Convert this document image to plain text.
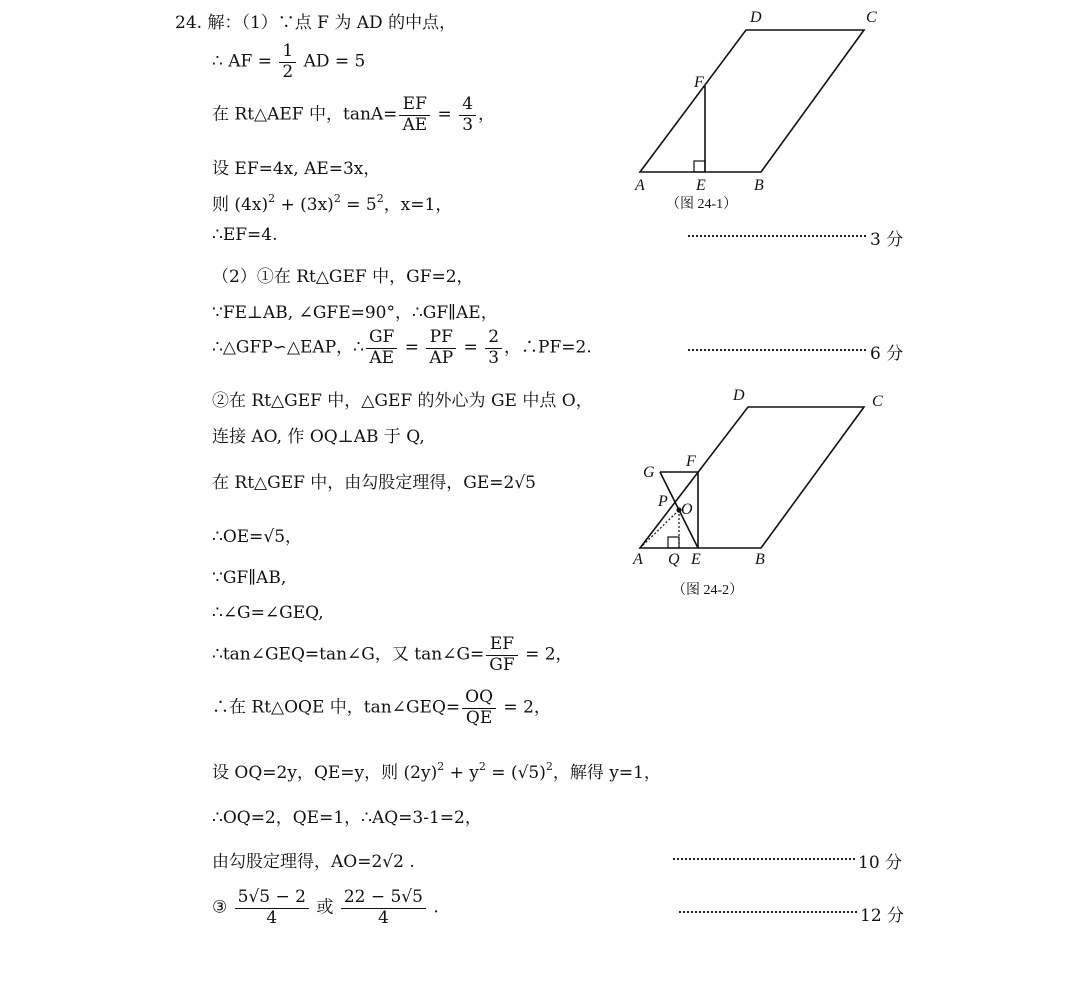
24. 解：（1）∵点 F 为 AD 的中点，
∴ AF = $\frac{1}{2}$ AD = 5
在 Rt△AEF 中，$\tan A= \frac{EF}{AE} = \frac{4}{3}$ ，
设 EF=4x, AE=3x，
则 $(4x)^2 + (3x)^2 = 5^2$，x=1，
∴EF=4.	3 分
（2）①在 Rt△GEF 中，GF=2，
∵FE⊥AB, ∠GFE=90°，∴GF∥AE，
∴△GFP∽△EAP，∴ $\frac{GF}{AE} = \frac{PF}{AP} = \frac{2}{3}$ ，∴PF=2.	6 分
②在 Rt△GEF 中，△GEF 的外心为 GE 中点 O，
连接 AO, 作 OQ⊥AB 于 Q,
在 Rt△GEF 中，由勾股定理得，GE=2√5
∴OE=√5，
∵GF∥AB,
∴∠G=∠GEQ,
∴tan∠GEQ=tan∠G，又 tan∠G= $\frac{EF}{GF} = 2$，
∴在 Rt△OQE 中，tan∠GEQ= $\frac{OQ}{QE} = 2$，
设 OQ=2y，QE=y，则 $(2y)^2 + y^2 = (√5)^2$，解得 y=1，
∴OQ=2，QE=1，∴AQ=3-1=2，
由勾股定理得，AO=2√2 .	10 分
③ $\frac{5√5 - 2}{4}$ 或 $\frac{22 - 5√5}{4}$ .	12 分
D	C
F
A	E	B
（图 24-1）
D	C
G
F
P O
A Q E	B
（图 24-2）
